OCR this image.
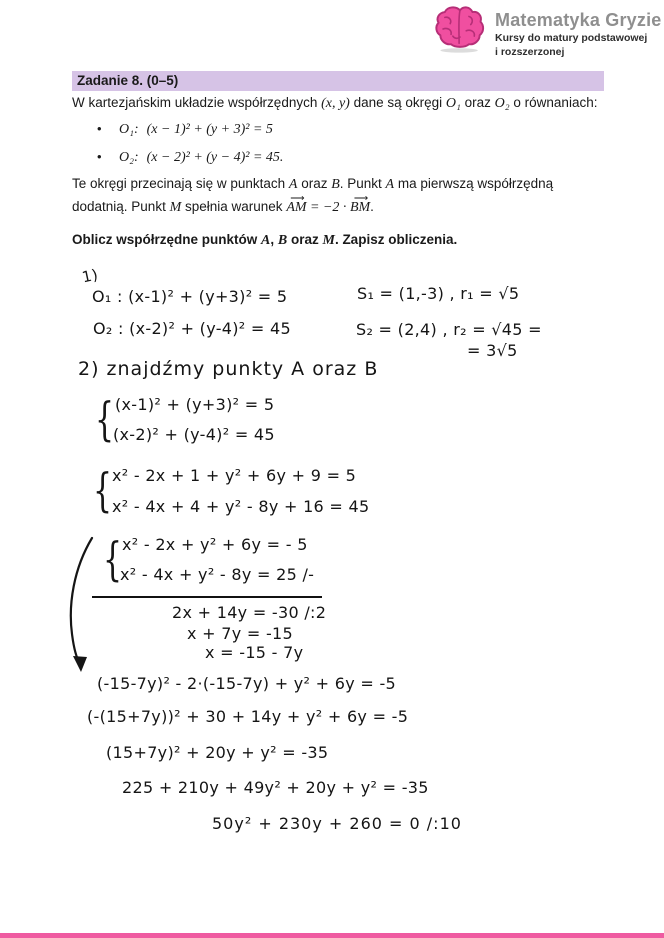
Matematyka Gryzie
Kursy do matury podstawowej
i rozszerzonej
Zadanie 8. (0–5)

W kartezjańskim układzie współrzędnych (x, y) dane są okręgi O₁ oraz O₂ o równaniach:

• O₁: (x − 1)² + (y + 3)² = 5
• O₂: (x − 2)² + (y − 4)² = 45.

Te okręgi przecinają się w punktach A oraz B. Punkt A ma pierwszą współrzędną dodatnią. Punkt M spełnia warunek ⟶ AM = −2 · ⟶ BM.

Oblicz współrzędne punktów A, B oraz M. Zapisz obliczenia.

1)
O₁ : (x-1)² + (y+3)² = 5	S₁ = (1,-3) , r₁ = √5
O₂ : (x-2)² + (y-4)² = 45	S₂ = (2,4) , r₂ = √45 =
= 3√5
2) znajdźmy punkty A oraz B
{ (x-1)² + (y+3)² = 5
(x-2)² + (y-4)² = 45
{ x² - 2x + 1 + y² + 6y + 9 = 5
x² - 4x + 4 + y² - 8y + 16 = 45
{ x² - 2x + y² + 6y = - 5
x² - 4x + y² - 8y = 25 /-
2x + 14y = -30 /:2
x + 7y = -15
x = -15 - 7y
(-15-7y)² - 2·(-15-7y) + y² + 6y = -5
(-(15+7y))² + 30 + 14y + y² + 6y = -5
(15+7y)² + 20y + y² = -35
225 + 210y + 49y² + 20y + y² = -35
50y² + 230y + 260 = 0 /:10
